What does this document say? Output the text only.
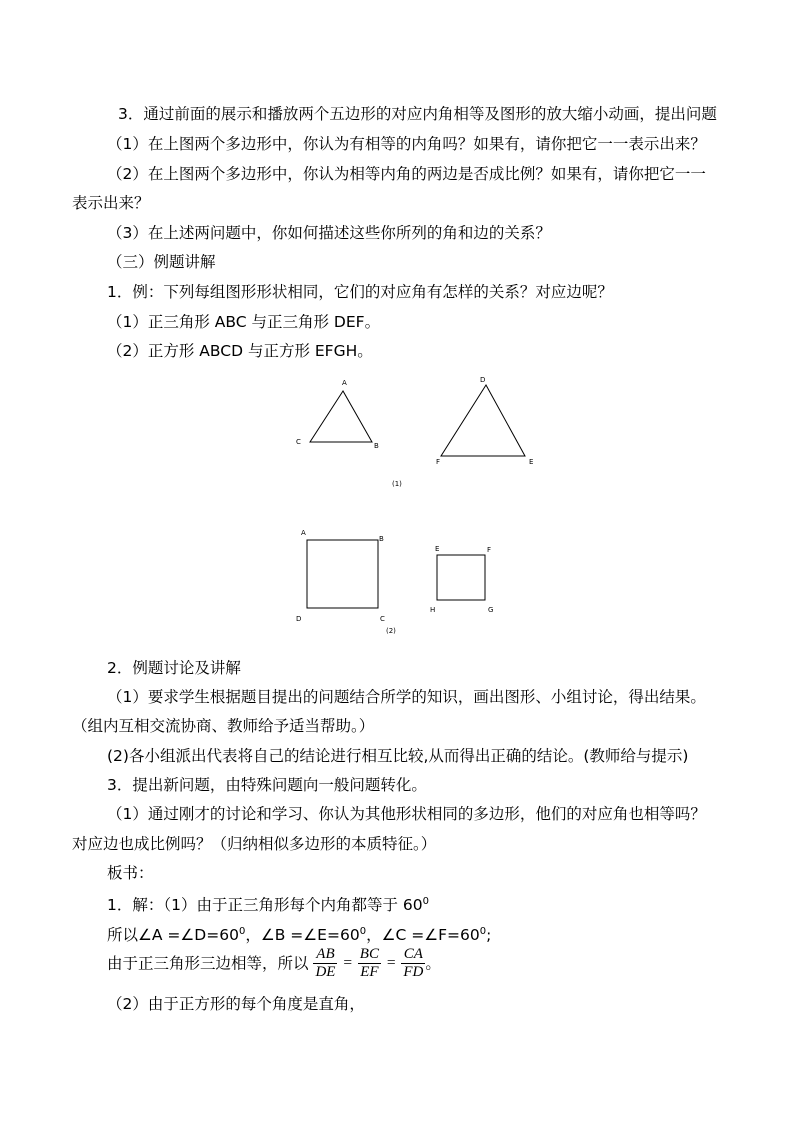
3．通过前面的展示和播放两个五边形的对应内角相等及图形的放大缩小动画，提出问题
（1）在上图两个多边形中，你认为有相等的内角吗？如果有，请你把它一一表示出来？
（2）在上图两个多边形中，你认为相等内角的两边是否成比例？如果有，请你把它一一
表示出来？
（3）在上述两问题中，你如何描述这些你所列的角和边的关系？
（三）例题讲解
1．例：下列每组图形形状相同，它们的对应角有怎样的关系？对应边呢？
（1）正三角形 ABC 与正三角形 DEF。
（2）正方形 ABCD 与正方形 EFGH。
A
C	B
D
F	E
(1)
A
B
D	C
E	F
H	G
(2)
2．例题讨论及讲解
（1）要求学生根据题目提出的问题结合所学的知识，画出图形、小组讨论，得出结果。
（组内互相交流协商、教师给予适当帮助。）
(2)各小组派出代表将自己的结论进行相互比较,从而得出正确的结论。(教师给与提示)
3．提出新问题，由特殊问题向一般问题转化。
（1）通过刚才的讨论和学习、你认为其他形状相同的多边形，他们的对应角也相等吗？
对应边也成比例吗？（归纳相似多边形的本质特征。）
板书：
1．解：（1）由于正三角形每个内角都等于 $60^0$
所以∠A $=\angle D=60^0$，∠B $=\angle E=60^0$，∠C $=\angle F=60^0$;
由于正三角形三边相等，所以 $\frac{AB}{DE} = \frac{BC}{EF} = \frac{CA}{FD}$ 。
（2）由于正方形的每个角度是直角，
